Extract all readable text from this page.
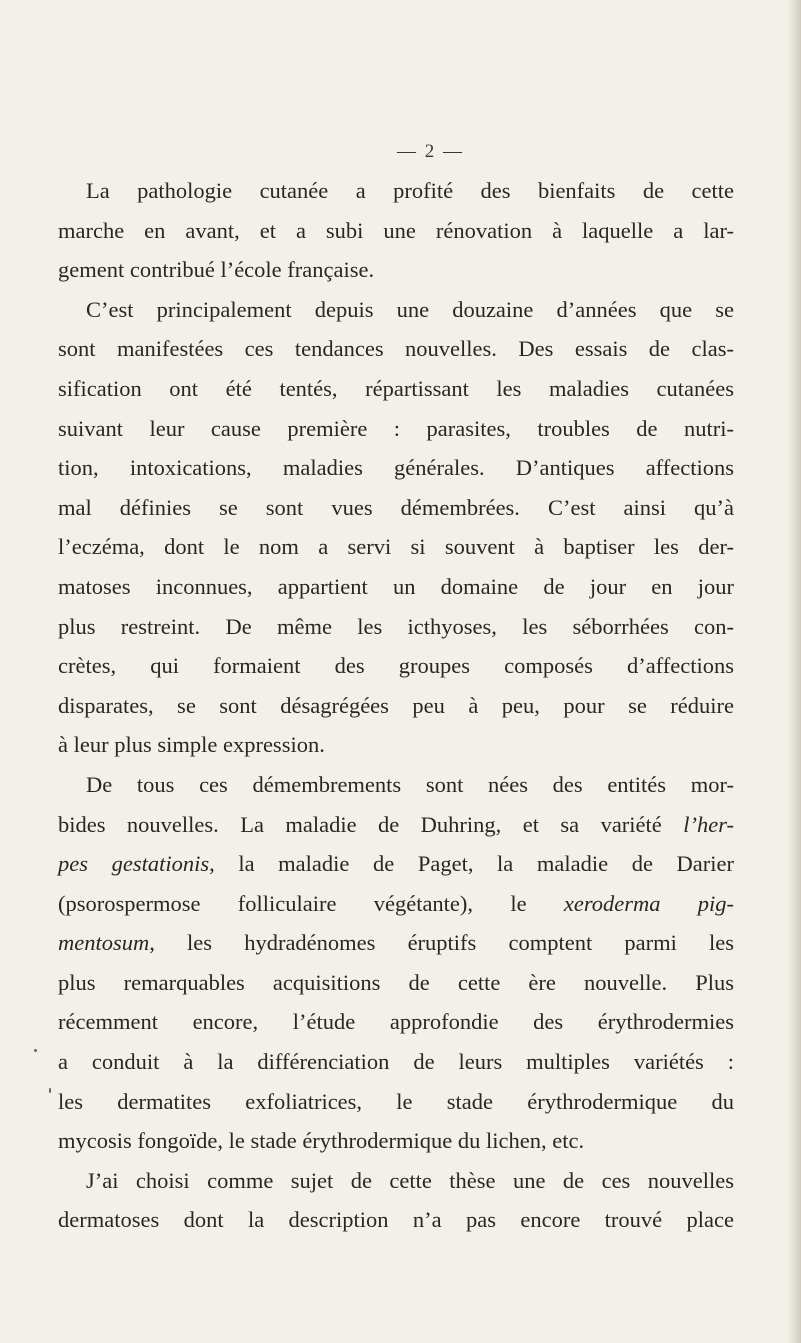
— 2 —
La pathologie cutanée a profité des bienfaits de cette
marche en avant, et a subi une rénovation à laquelle a lar-
gement contribué l’école française.
C’est principalement depuis une douzaine d’années que se
sont manifestées ces tendances nouvelles. Des essais de clas-
sification ont été tentés, répartissant les maladies cutanées
suivant leur cause première : parasites, troubles de nutri-
tion, intoxications, maladies générales. D’antiques affections
mal définies se sont vues démembrées. C’est ainsi qu’à
l’eczéma, dont le nom a servi si souvent à baptiser les der-
matoses inconnues, appartient un domaine de jour en jour
plus restreint. De même les icthyoses, les séborrhées con-
crètes, qui formaient des groupes composés d’affections
disparates, se sont désagrégées peu à peu, pour se réduire
à leur plus simple expression.
De tous ces démembrements sont nées des entités mor-
bides nouvelles. La maladie de Duhring, et sa variété l’her-
pes gestationis, la maladie de Paget, la maladie de Darier
(psorospermose folliculaire végétante), le xeroderma pig-
mentosum, les hydradénomes éruptifs comptent parmi les
plus remarquables acquisitions de cette ère nouvelle. Plus
récemment encore, l’étude approfondie des érythrodermies
a conduit à la différenciation de leurs multiples variétés :
les dermatites exfoliatrices, le stade érythrodermique du
mycosis fongoïde, le stade érythrodermique du lichen, etc.
J’ai choisi comme sujet de cette thèse une de ces nouvelles
dermatoses dont la description n’a pas encore trouvé place
